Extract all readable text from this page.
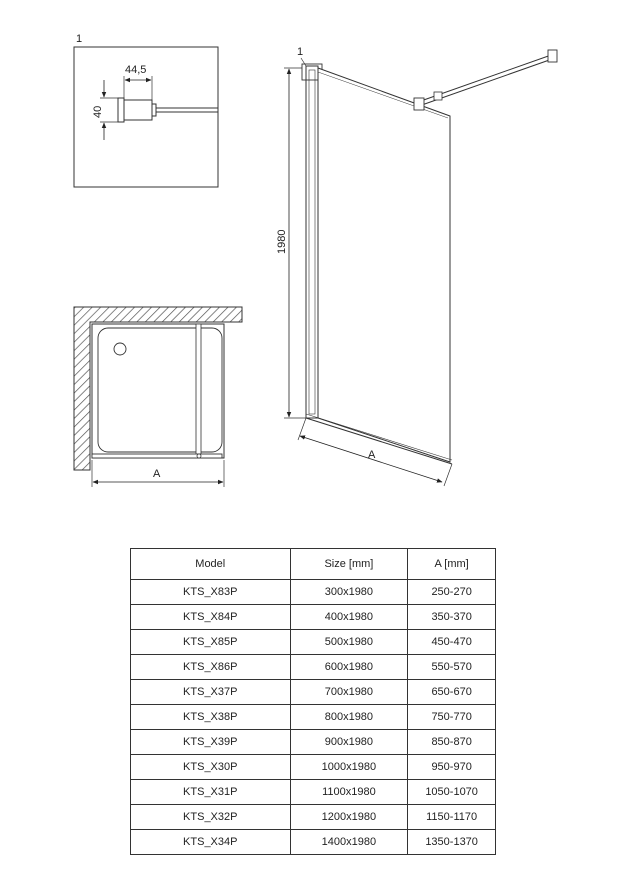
1
44,5
40
1
1980
A
A
Model	Size [mm]	A [mm]
KTS_X83P	300x1980	250-270
KTS_X84P	400x1980	350-370
KTS_X85P	500x1980	450-470
KTS_X86P	600x1980	550-570
KTS_X37P	700x1980	650-670
KTS_X38P	800x1980	750-770
KTS_X39P	900x1980	850-870
KTS_X30P	1000x1980	950-970
KTS_X31P	1100x1980	1050-1070
KTS_X32P	1200x1980	1150-1170
KTS_X34P	1400x1980	1350-1370
